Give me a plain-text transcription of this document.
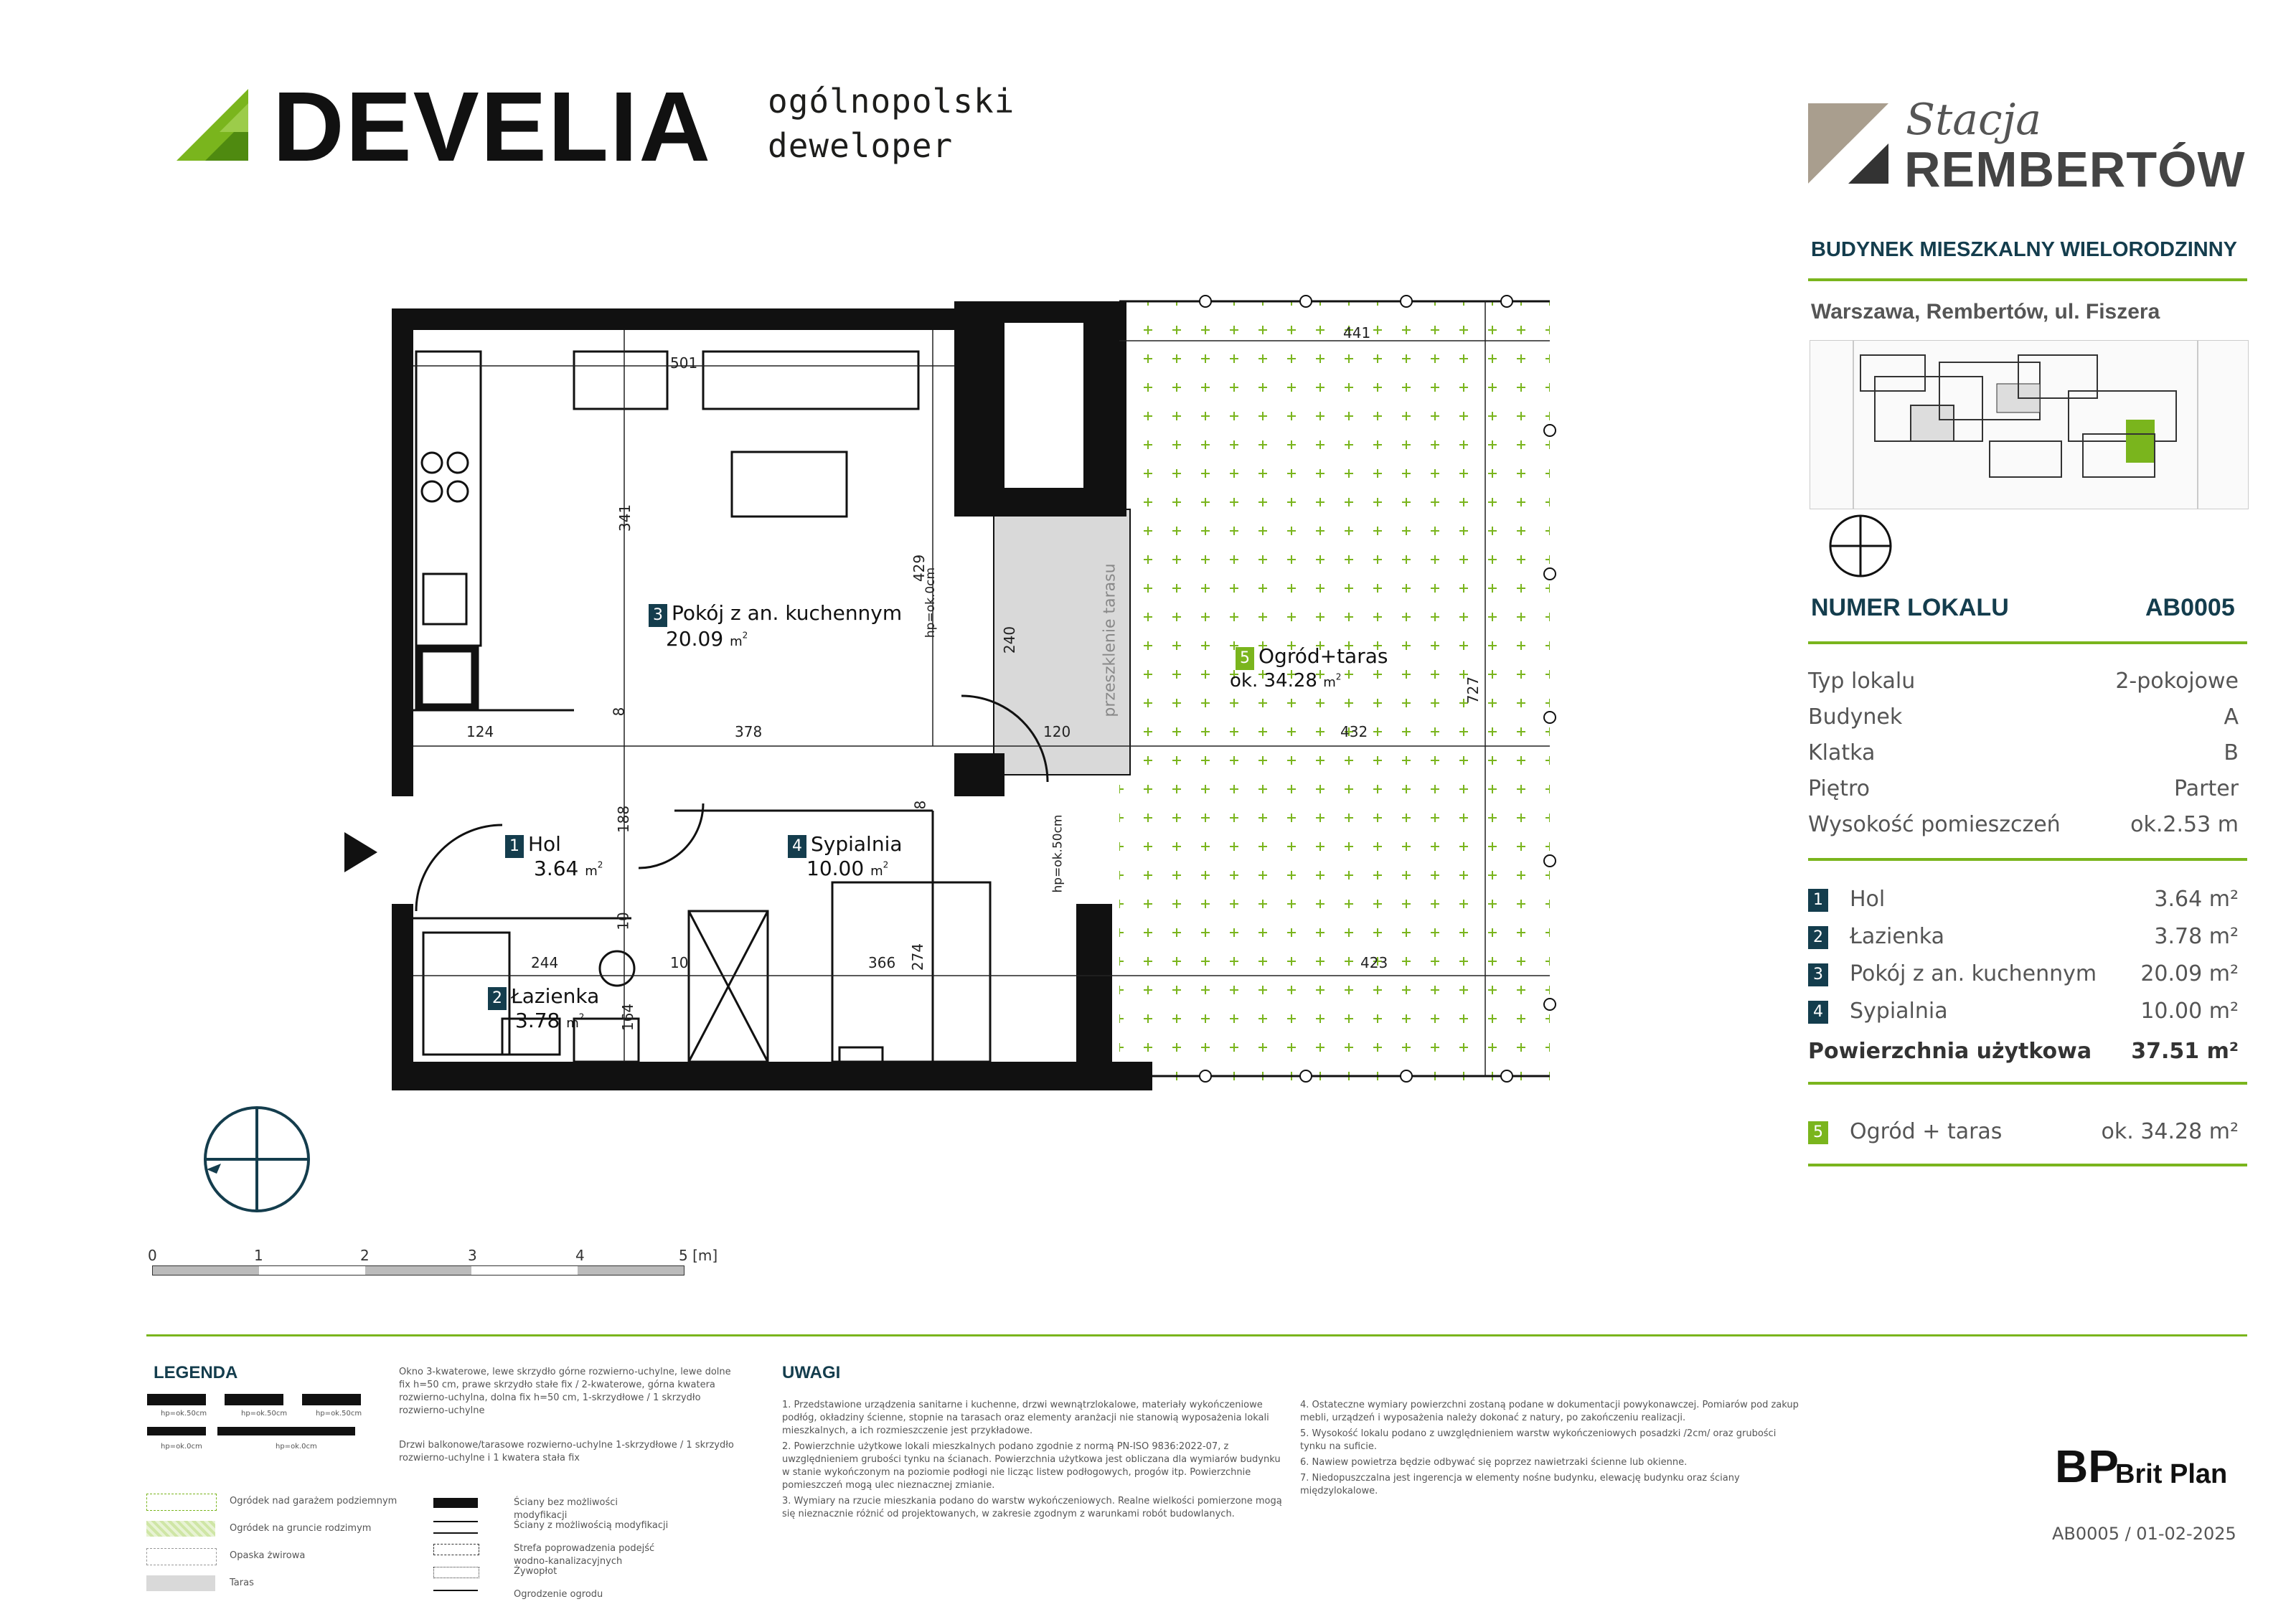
DEVELIA ogólnopolski
deweloper
Stacja
REMBERTÓW
BUDYNEK MIESZKALNY WIELORODZINNY
Warszawa, Rembertów, ul. Fiszera
NUMER LOKALU	AB0005
Typ lokalu	2-pokojowe
Budynek	A
Klatka	B
Piętro	Parter
Wysokość pomieszczeń	ok.2.53 m
1 Hol	3.64 m²
2 Łazienka	3.78 m²
3 Pokój z an. kuchennym 20.09 m²
4 Sypialnia	10.00 m²
Powierzchnia użytkowa 37.51 m²
5 Ogród + taras	ok. 34.28 m²
3 Pokój z an. kuchennym
20.09 $m^2$
5 Ogród+taras
ok. 34.28 $m^2$
1 Hol
3.64 $m^2$
4 Sypialnia
10.00 $m^2$
2 Łazienka
3.78 $m^2$
501
341
429
441
124	378	120	432
727
240
8
188
244	10	366 274
164
423
10
8
hp=ok.0cm
hp=ok.50cm
przeszklenie tarasu
0	1	2	3	4	5 [m]
LEGENDA
hp=ok.50cm	hp=ok.50cm	hp=ok.50cm
hp=ok.0cm	hp=ok.0cm
Okno 3-kwaterowe, lewe skrzydło górne rozwierno-uchylne, lewe dolne fix h=50 cm, prawe skrzydło stałe fix / 2-kwaterowe, górna kwatera rozwierno-uchylna, dolna fix h=50 cm, 1-skrzydłowe / 1 skrzydło rozwierno-uchylne
Drzwi balkonowe/tarasowe rozwierno-uchylne 1-skrzydłowe / 1 skrzydło rozwierno-uchylne i 1 kwatera stała fix
Ogródek nad garażem podziemnym
Ogródek na gruncie rodzimym
Opaska żwirowa
Taras
Ściany bez możliwości modyfikacji
Ściany z możliwością modyfikacji
Strefa poprowadzenia podejść wodno-kanalizacyjnych
Żywopłot
Ogrodzenie ogrodu
UWAGI
1. Przedstawione urządzenia sanitarne i kuchenne, drzwi wewnątrzlokalowe, materiały wykończeniowe podłóg, okładziny ścienne, stopnie na tarasach oraz elementy aranżacji nie stanowią wyposażenia lokali mieszkalnych, a ich rozmieszczenie jest przykładowe.
2. Powierzchnie użytkowe lokali mieszkalnych podano zgodnie z normą PN-ISO 9836:2022-07, z uwzględnieniem grubości tynku na ścianach. Powierzchnia użytkowa jest obliczana dla wymiarów budynku w stanie wykończonym na poziomie podłogi nie licząc listew podłogowych, progów itp. Powierzchnie pomieszczeń mogą ulec nieznacznej zmianie.
3. Wymiary na rzucie mieszkania podano do warstw wykończeniowych. Realne wielkości pomierzone mogą się nieznacznie różnić od projektowanych, w zakresie zgodnym z warunkami robót budowlanych.
4. Ostateczne wymiary powierzchni zostaną podane w dokumentacji powykonawczej. Pomiarów pod zakup mebli, urządzeń i wyposażenia należy dokonać z natury, po zakończeniu realizacji.
5. Wysokość lokalu podano z uwzględnieniem warstw wykończeniowych posadzki /2cm/ oraz grubości tynku na suficie.
6. Nawiew powietrza będzie odbywać się poprzez nawietrzaki ścienne lub okienne.
7. Niedopuszczalna jest ingerencja w elementy nośne budynku, elewację budynku oraz ściany międzylokalowe.	BP
Brit Plan
AB0005 / 01-02-2025
